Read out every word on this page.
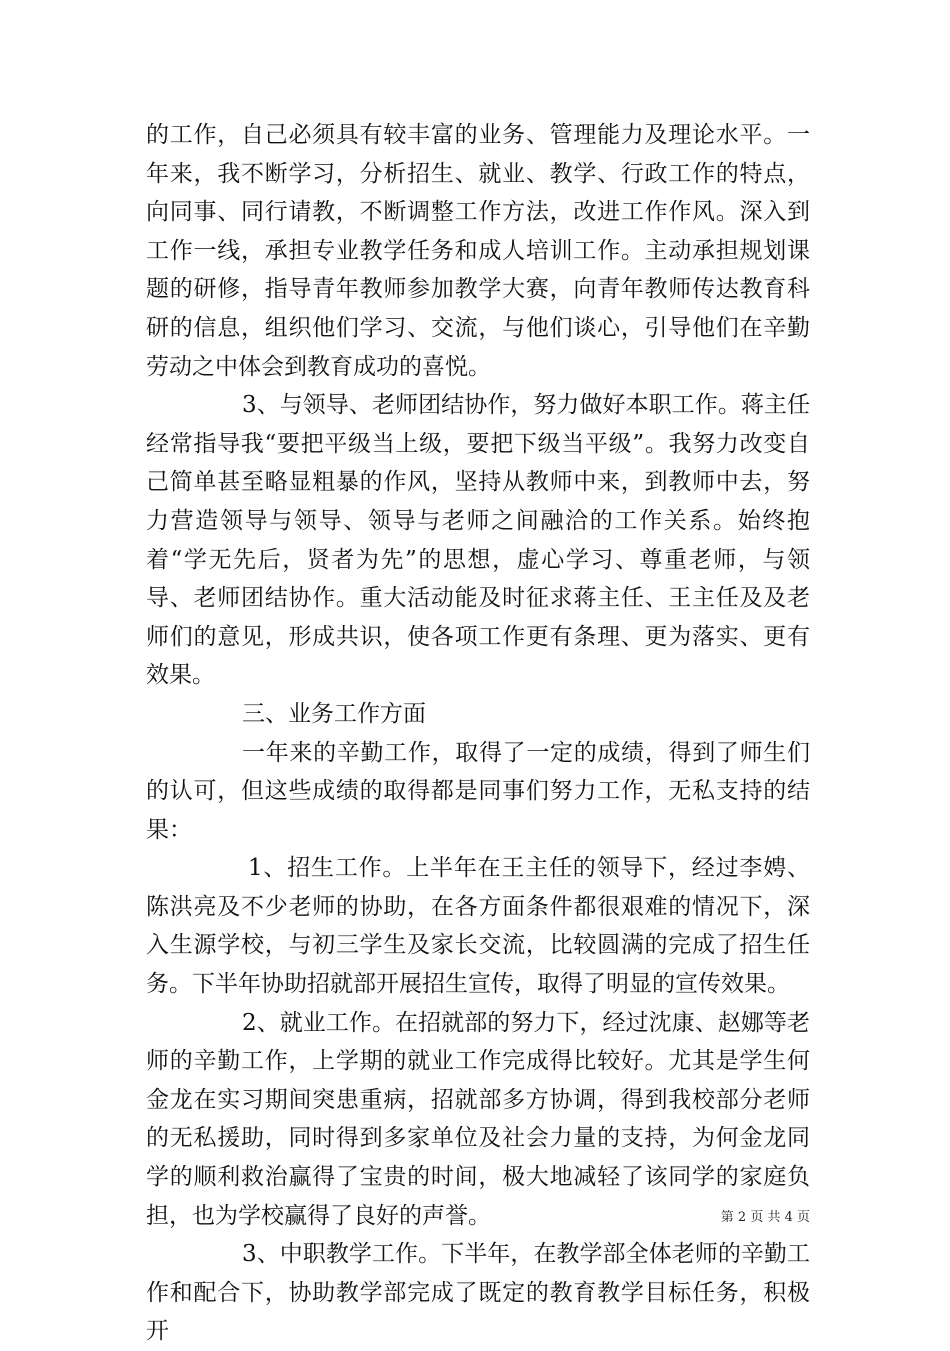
的工作，自己必须具有较丰富的业务、管理能力及理论水平。一年来，我不断学习，分析招生、就业、教学、行政工作的特点，向同事、同行请教，不断调整工作方法，改进工作作风。深入到工作一线，承担专业教学任务和成人培训工作。主动承担规划课题的研修，指导青年教师参加教学大赛，向青年教师传达教育科研的信息，组织他们学习、交流，与他们谈心，引导他们在辛勤劳动之中体会到教育成功的喜悦。

3、与领导、老师团结协作，努力做好本职工作。蒋主任经常指导我“要把平级当上级，要把下级当平级”。我努力改变自己简单甚至略显粗暴的作风，坚持从教师中来，到教师中去，努力营造领导与领导、领导与老师之间融洽的工作关系。始终抱着“学无先后，贤者为先”的思想，虚心学习、尊重老师，与领导、老师团结协作。重大活动能及时征求蒋主任、王主任及及老师们的意见，形成共识，使各项工作更有条理、更为落实、更有效果。

三、业务工作方面

一年来的辛勤工作，取得了一定的成绩，得到了师生们的认可，但这些成绩的取得都是同事们努力工作，无私支持的结果：

1、招生工作。上半年在王主任的领导下，经过李娉、陈洪亮及不少老师的协助，在各方面条件都很艰难的情况下，深入生源学校，与初三学生及家长交流，比较圆满的完成了招生任务。下半年协助招就部开展招生宣传，取得了明显的宣传效果。

2、就业工作。在招就部的努力下，经过沈康、赵娜等老师的辛勤工作，上学期的就业工作完成得比较好。尤其是学生何金龙在实习期间突患重病，招就部多方协调，得到我校部分老师的无私援助，同时得到多家单位及社会力量的支持，为何金龙同学的顺利救治赢得了宝贵的时间，极大地减轻了该同学的家庭负担，也为学校赢得了良好的声誉。

3、中职教学工作。下半年，在教学部全体老师的辛勤工作和配合下，协助教学部完成了既定的教育教学目标任务，积极开

第 2 页 共 4 页
